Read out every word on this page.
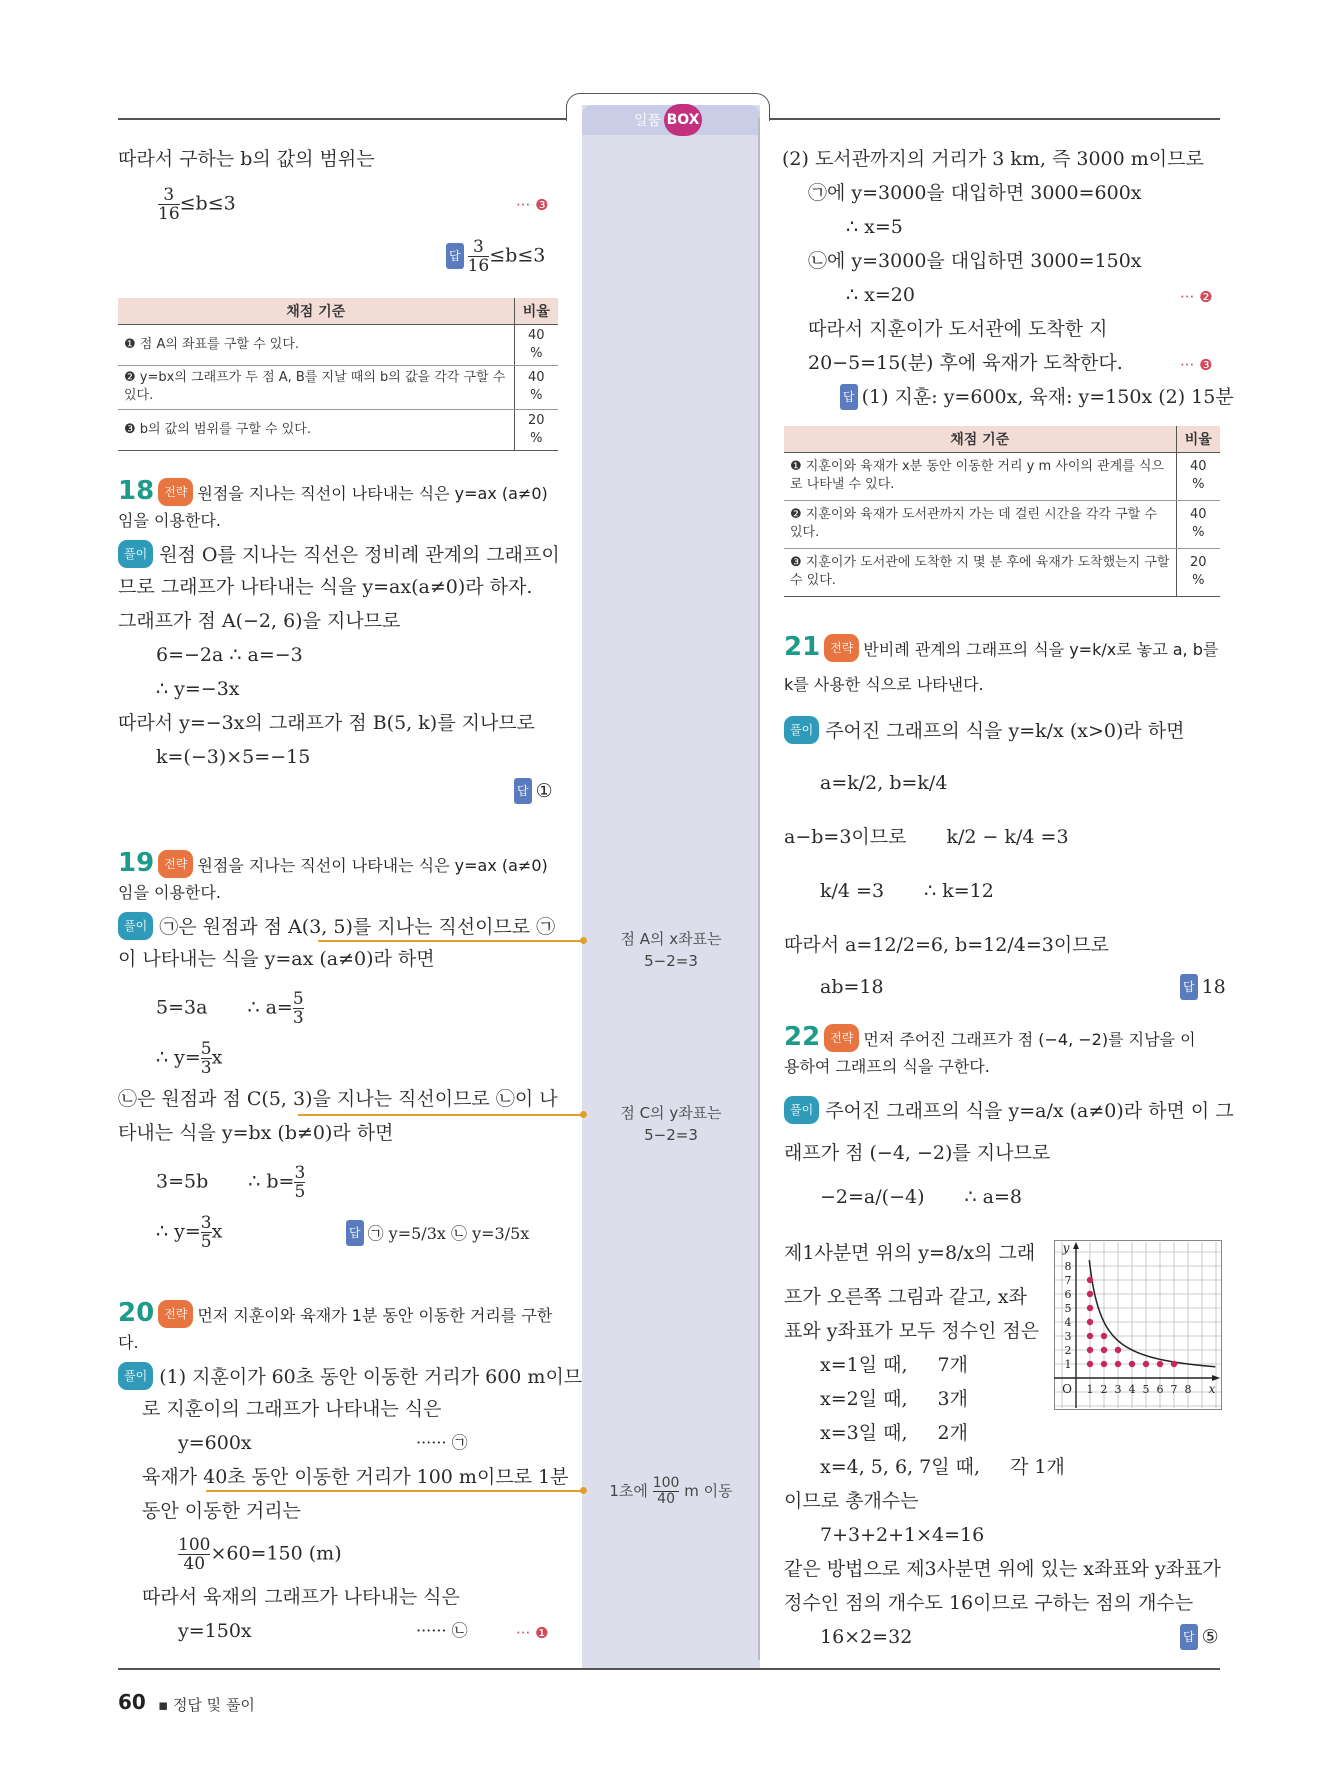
일품 BOX
따라서 구하는 b의 값의 범위는
$\frac{3}{16} \le b\le 3$	··· ❸
답 $\frac{3}{16} \le b\le 3$
채점 기준	비율
❶ 점 A의 좌표를 구할 수 있다.	40 %
❷ y=bx의 그래프가 두 점 A, B를 지날 때의 b의 값을 각각 구할 수 있다.	40 %
❸ b의 값의 범위를 구할 수 있다.	20 %
18 전략 원점을 지나는 직선이 나타내는 식은 y=ax (a≠0)
임을 이용한다.
풀이 원점 O를 지나는 직선은 정비례 관계의 그래프이
므로 그래프가 나타내는 식을 y=ax(a≠0)라 하자.
그래프가 점 A(−2, 6)을 지나므로
6=−2a ∴ a=−3
∴ y=−3x
따라서 y=−3x의 그래프가 점 B(5, k)를 지나므로
k=(−3)×5=−15
답 ①
19 전략 원점을 지나는 직선이 나타내는 식은 y=ax (a≠0)
임을 이용한다.
풀이 ㉠은 원점과 점 A(3, 5)를 지나는 직선이므로 ㉠
이 나타내는 식을 y=ax (a≠0)라 하면
5=3a ∴ $a= \frac{5}{3}$
∴ $y= \frac{5}{3}$ x
㉡은 원점과 점 C(5, 3)을 지나는 직선이므로 ㉡이 나
타내는 식을 y=bx (b≠0)라 하면
3=5b ∴ $b= \frac{3}{5}$
∴ $y= \frac{3}{5}$ x	답 ㉠ y=5/3x ㉡ y=3/5x
20 전략 먼저 지훈이와 육재가 1분 동안 이동한 거리를 구한
다.
풀이 (1) 지훈이가 60초 동안 이동한 거리가 600 m이므
로 지훈이의 그래프가 나타내는 식은
y=600x	······ ㉠
육재가 40초 동안 이동한 거리가 100 m이므로 1분
동안 이동한 거리는
$\frac{100}{40} \times 60=150$ (m)
따라서 육재의 그래프가 나타내는 식은
y=150x	······ ㉡	··· ❶
점 A의 x좌표는
5−2=3
점 C의 y좌표는
5−2=3
1초에 $\frac{100}{40}$ m 이동
(2) 도서관까지의 거리가 3 km, 즉 3000 m이므로
㉠에 y=3000을 대입하면 3000=600x
∴ x=5
㉡에 y=3000을 대입하면 3000=150x
∴ x=20	··· ❷
따라서 지훈이가 도서관에 도착한 지
20−5=15(분) 후에 육재가 도착한다.	··· ❸
답 (1) 지훈: y=600x, 육재: y=150x (2) 15분
채점 기준	비율
❶ 지훈이와 육재가 x분 동안 이동한 거리 y m 사이의 관계를 식으로 나타낼 수 있다.	40 %
❷ 지훈이와 육재가 도서관까지 가는 데 걸린 시간을 각각 구할 수 있다.	40 %
❸ 지훈이가 도서관에 도착한 지 몇 분 후에 육재가 도착했는지 구할 수 있다.	20 %
21 전략 반비례 관계의 그래프의 식을 y=k/x로 놓고 a, b를
k를 사용한 식으로 나타낸다.
풀이 주어진 그래프의 식을 y=k/x (x>0)라 하면
a=k/2, b=k/4
a−b=3이므로 k/2 − k/4 =3
k/4 =3 ∴ k=12
따라서 a=12/2=6, b=12/4=3이므로
ab=18	답 18
22 전략 먼저 주어진 그래프가 점 (−4, −2)를 지남을 이
용하여 그래프의 식을 구한다.
풀이 주어진 그래프의 식을 y=a/x (a≠0)라 하면 이 그
래프가 점 (−4, −2)를 지나므로
−2=a/(−4) ∴ a=8
제1사분면 위의 y=8/x의 그래
프가 오른쪽 그림과 같고, x좌
표와 y좌표가 모두 정수인 점은
x=1일 때, 7개
x=2일 때, 3개
x=3일 때, 2개
x=4, 5, 6, 7일 때, 각 1개
이므로 총개수는
7+3+2+1×4=16
같은 방법으로 제3사분면 위에 있는 x좌표와 y좌표가
정수인 점의 개수도 16이므로 구하는 점의 개수는
16×2=32	답 ⑤
1 2 3 4 5 6 7 8
1
2
3
4
5
6
7
8
O	x
y
60 ▪ 정답 및 풀이
